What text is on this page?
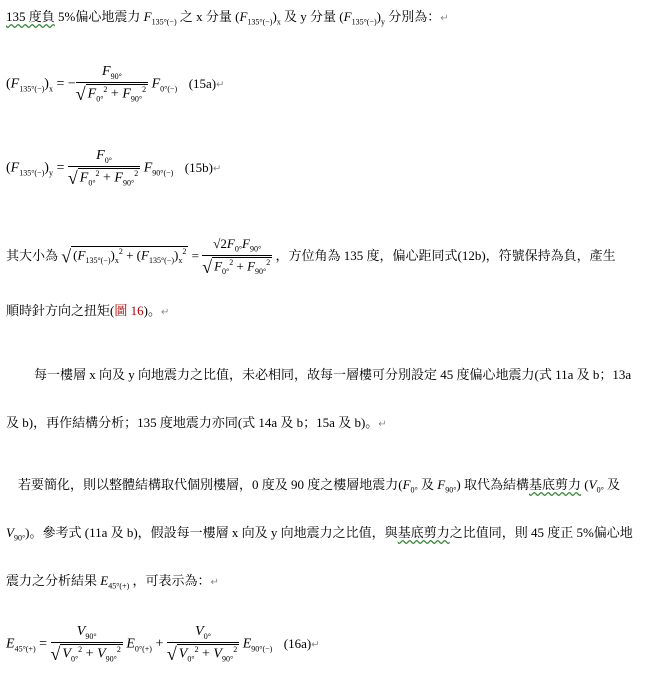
135 度負 5%偏心地震力 $F_{135^\circ(-)}$ 之 x 分量 $(F_{135^\circ(-)})_x$ 及 y 分量 $(F_{135^\circ(-)})_y$ 分別為：↵
$(F_{135^\circ(-)})_x$ = − $\frac{F_{90^\circ}}{√ F_{0^\circ}^2 + F_{90^\circ}^2} F_{0^\circ(-)}$ (15a)↵
$(F_{135^\circ(-)})_y = \frac{F_{0^\circ}}{√ F_{0^\circ}^2 + F_{90^\circ}^2} F_{90^\circ(-)}$ (15b)↵
其大小為 √ $(F_{135^\circ(-)})_x^2 + (F_{135^\circ(-)})_x^2 = \frac{√2F_{0^\circ}F_{90^\circ}}{√ F_{0^\circ}^2 + F_{90^\circ}^2}$ ，方位角為 135 度，偏心距同式(12b)，符號保持為負，產生
順時針方向之扭矩(圖 16)。↵
每一樓層 x 向及 y 向地震力之比值，未必相同，故每一層樓可分別設定 45 度偏心地震力(式 11a 及 b；13a
及 b)，再作結構分析；135 度地震力亦同(式 14a 及 b；15a 及 b)。↵
若要簡化，則以整體結構取代個別樓層，0 度及 90 度之樓層地震力($F_{0^\circ}$ 及 $F_{90^\circ}$) 取代為結構基底剪力 ($V_{0^\circ}$ 及
$V_{90^\circ}$)。參考式 (11a 及 b)，假設每一樓層 x 向及 y 向地震力之比值，與基底剪力之比值同，則 45 度正 5%偏心地
震力之分析結果 $E_{45^\circ(+)}$ ，可表示為：↵
$E_{45^\circ(+)} = \frac{V_{90^\circ}}{√ V_{0^\circ}^2 + V_{90^\circ}^2} E_{0^\circ(+)} + \frac{V_{0^\circ}}{√ V_{0^\circ}^2 + V_{90^\circ}^2} E_{90^\circ(-)}$ (16a)↵
